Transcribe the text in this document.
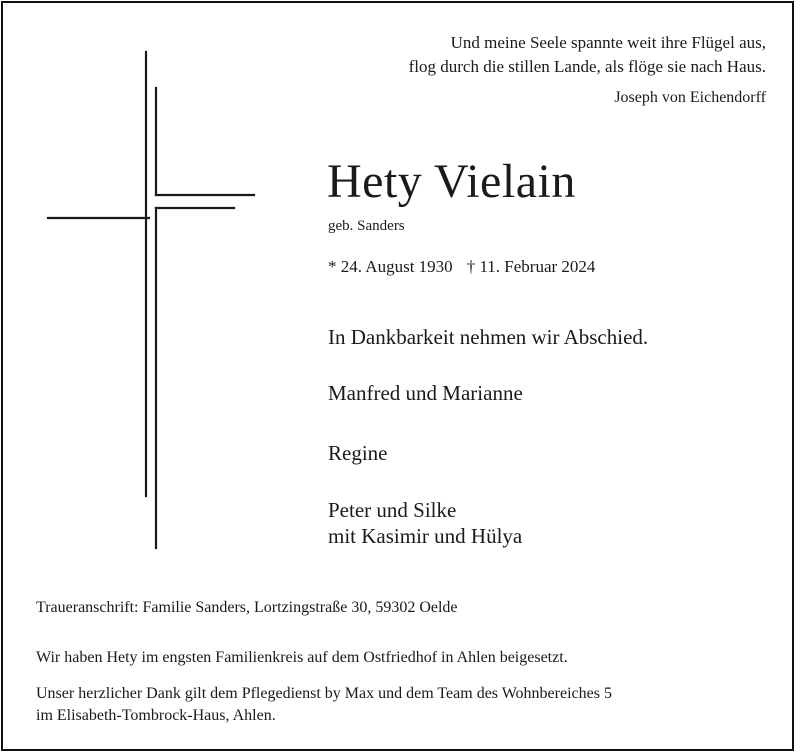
Und meine Seele spannte weit ihre Flügel aus,
flog durch die stillen Lande, als flöge sie nach Haus.
Joseph von Eichendorff
Hety Vielain
geb. Sanders
* 24. August 1930 † 11. Februar 2024
In Dankbarkeit nehmen wir Abschied.
Manfred und Marianne
Regine
Peter und Silke
mit Kasimir und Hülya
Traueranschrift: Familie Sanders, Lortzingstraße 30, 59302 Oelde
Wir haben Hety im engsten Familienkreis auf dem Ostfriedhof in Ahlen beigesetzt.
Unser herzlicher Dank gilt dem Pflegedienst by Max und dem Team des Wohnbereiches 5
im Elisabeth-Tombrock-Haus, Ahlen.
